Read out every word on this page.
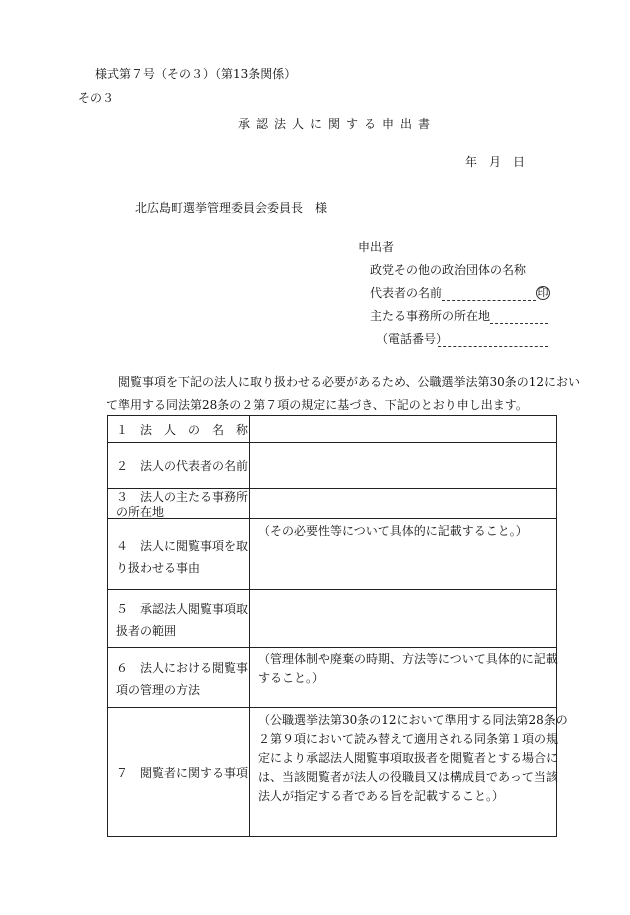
様式第７号（その３）（第13条関係）
その３
承認法人に関する申出書
年　月　日
北広島町選挙管理委員会委員長　様
申出者
政党その他の政治団体の名称
代表者の名前	印
主たる事務所の所在地
（電話番号）
閲覧事項を下記の法人に取り扱わせる必要があるため、公職選挙法第30条の12におい
て準用する同法第28条の２第７項の規定に基づき、下記のとおり申し出ます。
１　法　人　の　名　称
２　法人の代表者の名前
３　法人の主たる事務所
の所在地
４　法人に閲覧事項を取
り扱わせる事由
（その必要性等について具体的に記載すること。）
５　承認法人閲覧事項取
扱者の範囲
６　法人における閲覧事
項の管理の方法
（管理体制や廃棄の時期、方法等について具体的に記載
すること。）
７　閲覧者に関する事項
（公職選挙法第30条の12において準用する同法第28条の
２第９項において読み替えて適用される同条第１項の規
定により承認法人閲覧事項取扱者を閲覧者とする場合に
は、当該閲覧者が法人の役職員又は構成員であって当該
法人が指定する者である旨を記載すること。）
